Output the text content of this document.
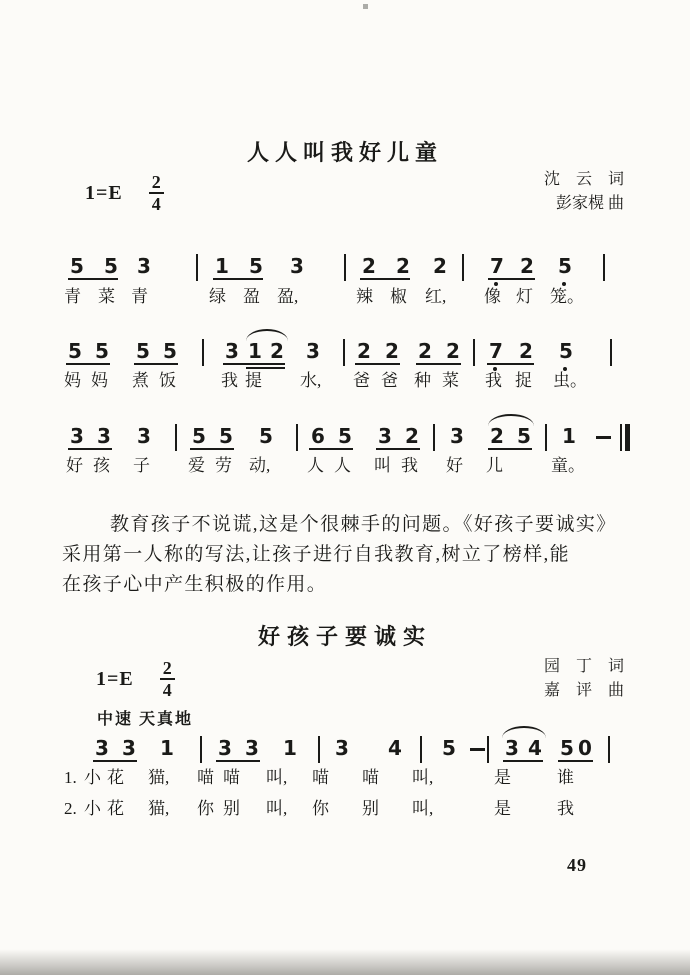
人人叫我好儿童
$1=E \frac{2}{4}$	沈　云　词
彭家榥 曲
教育孩子不说谎,这是个很棘手的问题。《好孩子要诚实》
采用第一人称的写法,让孩子进行自我教育,树立了榜样,能
在孩子心中产生积极的作用。
好孩子要诚实
$1=E \frac{2}{4}$	园　丁　词
嘉　评　曲
中速 天真地
5 5 3	1 5 3	2 2 2 7 2 5
青 菜 青	绿 盈 盈,	辣 椒 红, 像 灯 笼。
5 5 5 5 3 1 2 3 2 2 2 2 7 2 5
妈 妈 煮 饭	我 提 水, 爸 爸 种 菜 我 捉 虫。
3 3 3 5 5 5 6 5 3 2 3 2 5 1
好 孩 子 爱 劳 动, 人 人 叫 我 好 儿	童。
3 3 1 3 3 1 3 4 5 3 4 5 0
1. 小 花 猫, 喵 喵 叫, 喵 喵 叫,	是	谁
2. 小 花 猫, 你 别 叫, 你 别 叫,	是	我
49
